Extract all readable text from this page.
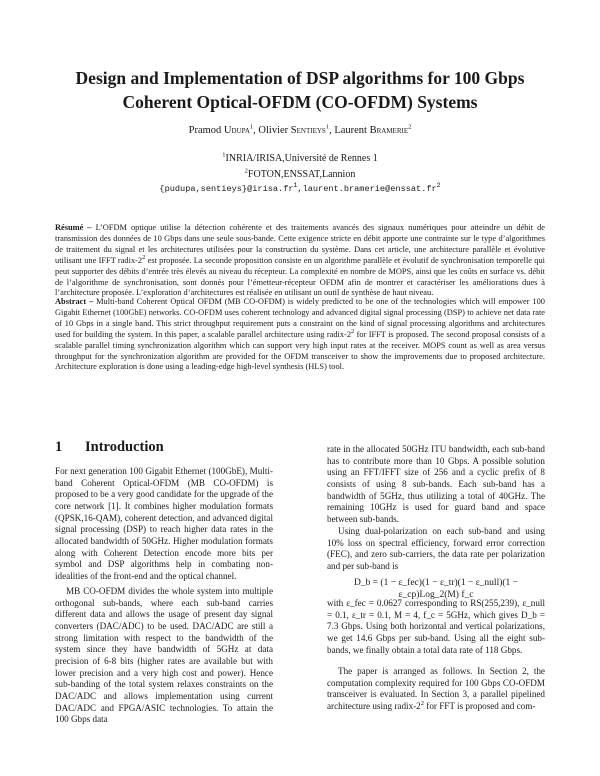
Design and Implementation of DSP algorithms for 100 Gbps
Coherent Optical-OFDM (CO-OFDM) Systems
Pramod Udupa$^1$, Olivier Sentieys$^1$, Laurent Bramerie$^2$
$^1$INRIA/IRISA,Université de Rennes 1
$^2$FOTON,ENSSAT,Lannion
$\{pudupa,sentieys\}@irisa.fr^1,laurent.bramerie@enssat.fr^2$

Résumé – L’OFDM optique utilise la détection cohérente et des traitements avancés des signaux numériques pour atteindre un débit de transmission des données de 10 Gbps dans une seule sous-bande. Cette exigence stricte en débit apporte une contrainte sur le type d’algorithmes de traitement du signal et les architectures utilisées pour la construction du système. Dans cet article, une architecture parallèle et évolutive utilisant une IFFT radix-$2^2$ est proposée. La seconde proposition consiste en un algorithme parallèle et évolutif de synchronisation temporelle qui peut supporter des débits d’entrée très élevés au niveau du récepteur. La complexité en nombre de MOPS, ainsi que les coûts en surface vs. débit de l’algorithme de synchronisation, sont donnés pour l’émetteur-récepteur OFDM afin de montrer et caractériser les améliorations dues à l’architecture proposée. L’exploration d’architectures est réalisée en utilisant un outil de synthèse de haut niveau.

Abstract – Multi-band Coherent Optical OFDM (MB CO-OFDM) is widely predicted to be one of the technologies which will empower 100 Gigabit Ethernet (100GbE) networks. CO-OFDM uses coherent technology and advanced digital signal processing (DSP) to achieve net data rate of 10 Gbps in a single band. This strict throughput requirement puts a constraint on the kind of signal processing algorithms and architectures used for building the system. In this paper, a scalable parallel architecture using radix-$2^2$ for IFFT is proposed. The second proposal consists of a scalable parallel timing synchronization algorithm which can support very high input rates at the receiver. MOPS count as well as area versus throughput for the synchronization algorithm are provided for the OFDM transceiver to show the improvements due to proposed architecture. Architecture exploration is done using a leading-edge high-level synthesis (HLS) tool.

1 Introduction

For next generation 100 Gigabit Ethernet (100GbE), Multi-band Coherent Optical-OFDM (MB CO-OFDM) is proposed to be a very good candidate for the upgrade of the core network [1]. It combines higher modulation formats (QPSK,16-QAM), coherent detection, and advanced digital signal processing (DSP) to reach higher data rates in the allocated bandwidth of 50GHz. Higher modulation formats along with Coherent Detection encode more bits per symbol and DSP algorithms help in combating non-idealities of the front-end and the optical channel.

MB CO-OFDM divides the whole system into multiple orthogonal sub-bands, where each sub-band carries different data and allows the usage of present day signal converters (DAC/ADC) to be used. DAC/ADC are still a strong limitation with respect to the bandwidth of the system since they have bandwidth of 5GHz at data precision of 6-8 bits (higher rates are available but with lower precision and a very high cost and power). Hence sub-banding of the total system relaxes constraints on the DAC/ADC and allows implementation using current DAC/ADC and FPGA/ASIC technologies. To attain the 100 Gbps data

rate in the allocated 50GHz ITU bandwidth, each sub-band has to contribute more than 10 Gbps. A possible solution using an FFT/IFFT size of 256 and a cyclic prefix of 8 consists of using 8 sub-bands. Each sub-band has a bandwidth of 5GHz, thus utilizing a total of 40GHz. The remaining 10GHz is used for guard band and space between sub-bands.

Using dual-polarization on each sub-band and using 10% loss on spectral efficiency, forward error correction (FEC), and zero sub-carriers, the data rate per polarization and per sub-band is

D_b = (1 − ε_fec)(1 − ε_tr)(1 − ε_null)(1 − ε_cp)Log_2(M) f_c

with ε_fec = 0.0627 corresponding to RS(255,239), ε_null = 0.1, ε_tr = 0.1, M = 4, f_c = 5GHz, which gives D_b = 7.3 Gbps. Using both horizontal and vertical polarizations, we get 14.6 Gbps per sub-band. Using all the eight sub-bands, we finally obtain a total data rate of 118 Gbps.

The paper is arranged as follows. In Section 2, the computation complexity required for 100 Gbps CO-OFDM transceiver is evaluated. In Section 3, a parallel pipelined architecture using radix-$2^2$ for FFT is proposed and com-
